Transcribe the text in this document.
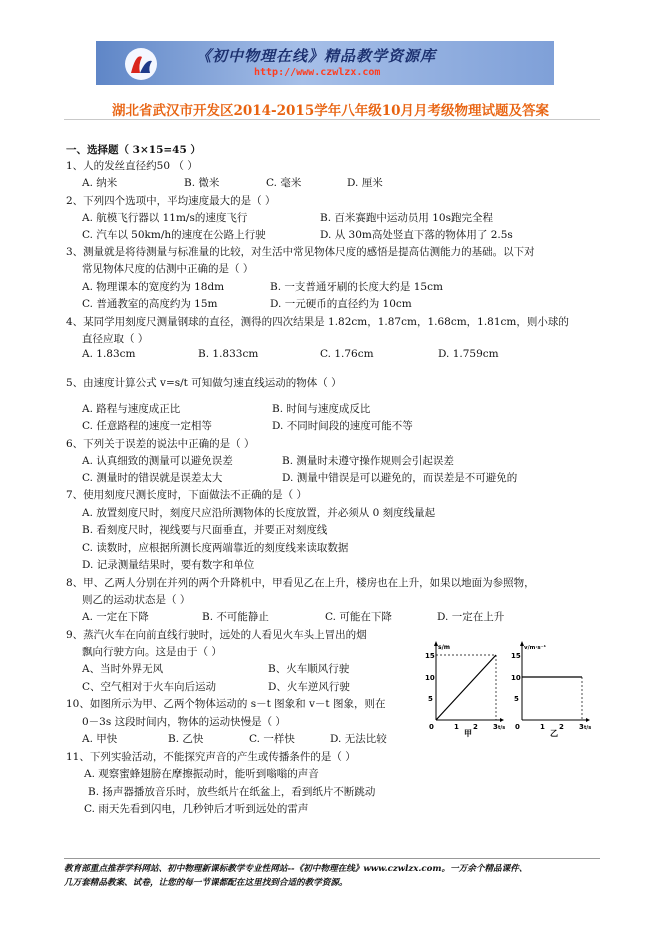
《初中物理在线》精品教学资源库
http://www.czwlzx.com
湖北省武汉市开发区2014-2015学年八年级10月月考级物理试题及答案
一、选择题（ 3×15=45 ）
1、人的发丝直径约50 （ ）
A. 纳米	B. 微米	C. 毫米	D. 厘米
2、下列四个选项中，平均速度最大的是（ ）
A. 航模飞行器以 11m/s的速度飞行	B. 百米赛跑中运动员用 10s跑完全程
C. 汽车以 50km/h的速度在公路上行驶	D. 从 30m高处竖直下落的物体用了 2.5s
3、测量就是将待测量与标准量的比较，对生活中常见物体尺度的感悟是提高估测能力的基础。以下对
常见物体尺度的估测中正确的是（ ）
A. 物理课本的宽度约为 18dm	B. 一支普通牙刷的长度大约是 15cm
C. 普通教室的高度约为 15m	D. 一元硬币的直径约为 10cm
4、某同学用刻度尺测量钢球的直径，测得的四次结果是 1.82cm，1.87cm，1.68cm，1.81cm，则小球的
直径应取（ ）
A. 1.83cm	B. 1.833cm	C. 1.76cm	D. 1.759cm
5、由速度计算公式 v=s/t 可知做匀速直线运动的物体（ ）
A. 路程与速度成正比	B. 时间与速度成反比
C. 任意路程的速度一定相等	D. 不同时间段的速度可能不等
6、下列关于误差的说法中正确的是（ ）
A. 认真细致的测量可以避免误差	B. 测量时未遵守操作规则会引起误差
C. 测量时的错误就是误差太大	D. 测量中错误是可以避免的，而误差是不可避免的
7、使用刻度尺测长度时，下面做法不正确的是（ ）
A. 放置刻度尺时，刻度尺应沿所测物体的长度放置，并必须从 0 刻度线量起
B. 看刻度尺时，视线要与尺面垂直，并要正对刻度线
C. 读数时，应根据所测长度两端靠近的刻度线来读取数据
D. 记录测量结果时，要有数字和单位
8、甲、乙两人分别在并列的两个升降机中，甲看见乙在上升，楼房也在上升，如果以地面为参照物，
则乙的运动状态是（ ）
A. 一定在下降	B. 不可能静止	C. 可能在下降	D. 一定在上升
9、蒸汽火车在向前直线行驶时，远处的人看见火车头上冒出的烟
飘向行驶方向。这是由于（ ）
A、当时外界无风	B、火车顺风行驶
C、空气相对于火车向后运动	D、火车逆风行驶
10、如图所示为甲、乙两个物体运动的 s－t 图象和 v－t 图象，则在
0－3s 这段时间内，物体的运动快慢是（ ）
A. 甲快	B. 乙快	C. 一样快	D. 无法比较
11、下列实验活动，不能探究声音的产生或传播条件的是（ ）
A. 观察蜜蜂翅膀在摩擦振动时，能听到嗡嗡的声音
B. 扬声器播放音乐时，放些纸片在纸盆上，看到纸片不断跳动
C. 雨天先看到闪电，几秒钟后才听到远处的雷声
s/m
15
10
5
0	1 2 3 t/s
甲
v/m·s⁻¹
15
10
5
0	1 2 3 t/s
乙
教育部重点推荐学科网站、初中物理新课标教学专业性网站--《初中物理在线》www.czwlzx.com。一万余个精品课件、
几万套精品教案、试卷，让您的每一节课都配在这里找到合适的教学资源。
